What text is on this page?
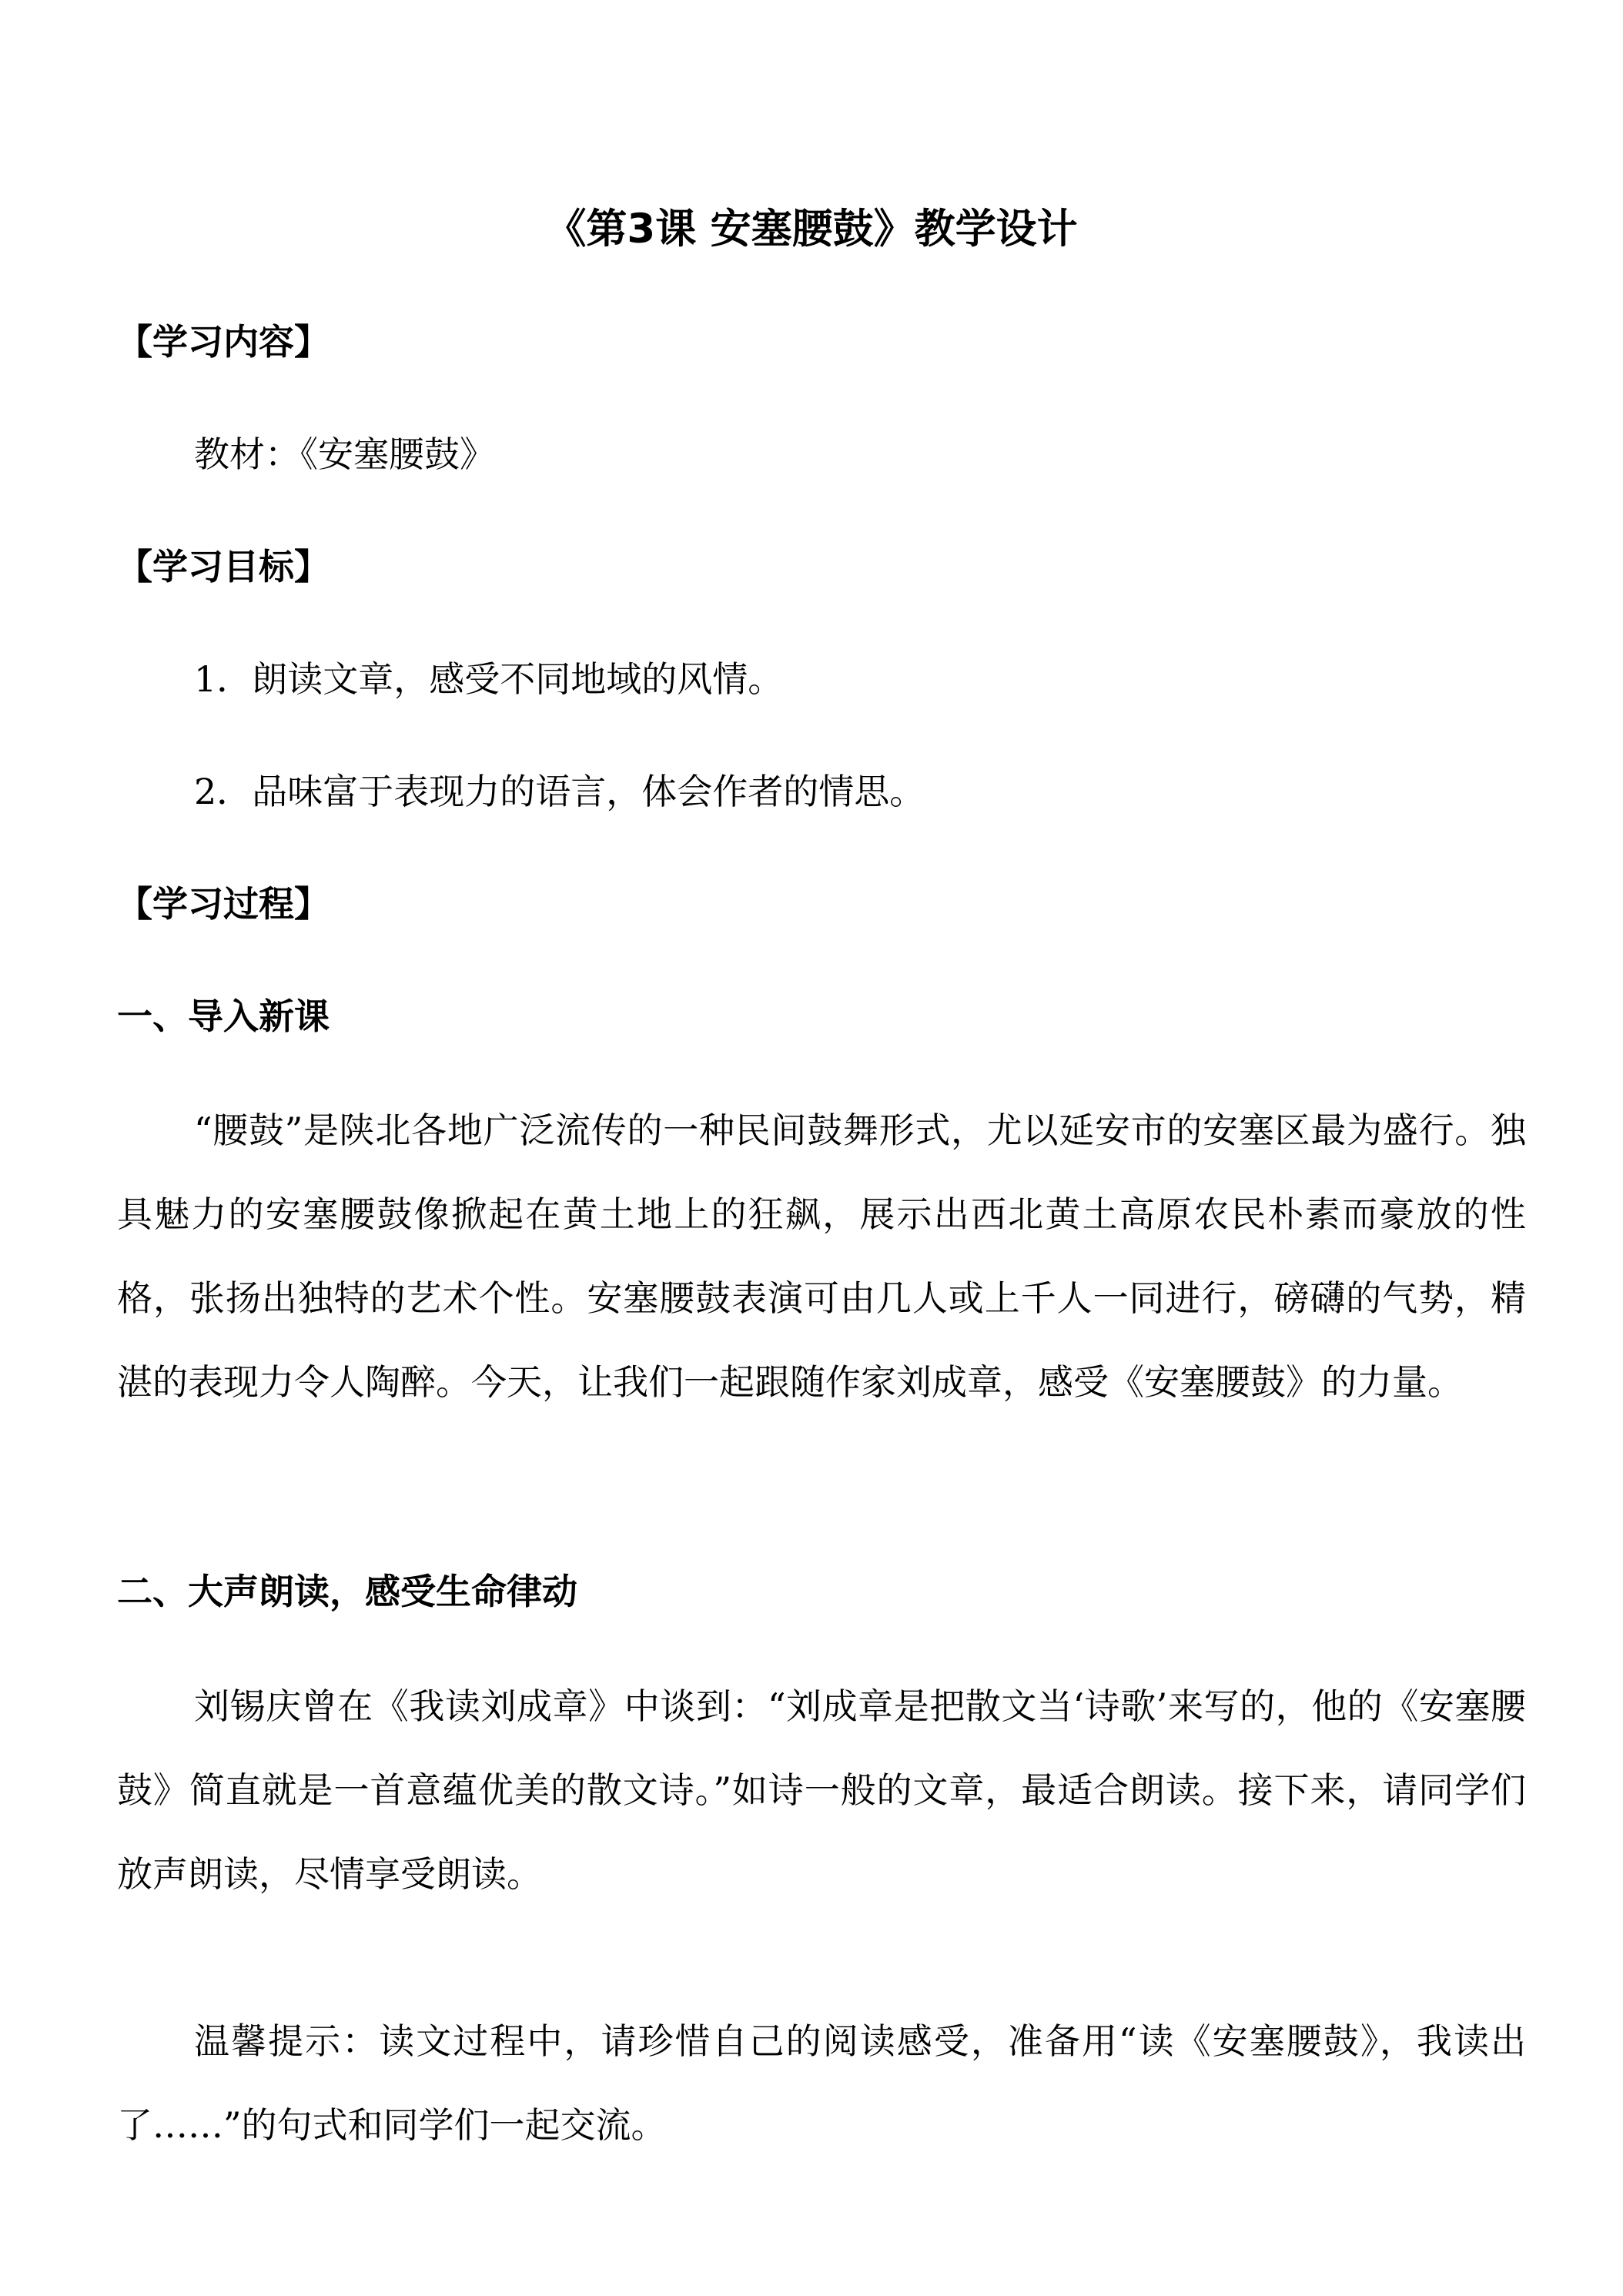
《第3课 安塞腰鼓》教学设计
【学习内容】
教材：《安塞腰鼓》
【学习目标】
1．朗读文章，感受不同地域的风情。
2．品味富于表现力的语言，体会作者的情思。
【学习过程】
一、导入新课

“腰鼓”是陕北各地广泛流传的一种民间鼓舞形式，尤以延安市的安塞区最为盛行。独具魅力的安塞腰鼓像掀起在黄土地上的狂飙，展示出西北黄土高原农民朴素而豪放的性格，张扬出独特的艺术个性。安塞腰鼓表演可由几人或上千人一同进行，磅礴的气势，精湛的表现力令人陶醉。今天，让我们一起跟随作家刘成章，感受《安塞腰鼓》的力量。

二、大声朗读，感受生命律动

刘锡庆曾在《我读刘成章》中谈到：“刘成章是把散文当‘诗歌’来写的，他的《安塞腰鼓》简直就是一首意蕴优美的散文诗。”如诗一般的文章，最适合朗读。接下来，请同学们放声朗读，尽情享受朗读。

温馨提示：读文过程中，请珍惜自己的阅读感受，准备用“读《安塞腰鼓》，我读出了……”的句式和同学们一起交流。
